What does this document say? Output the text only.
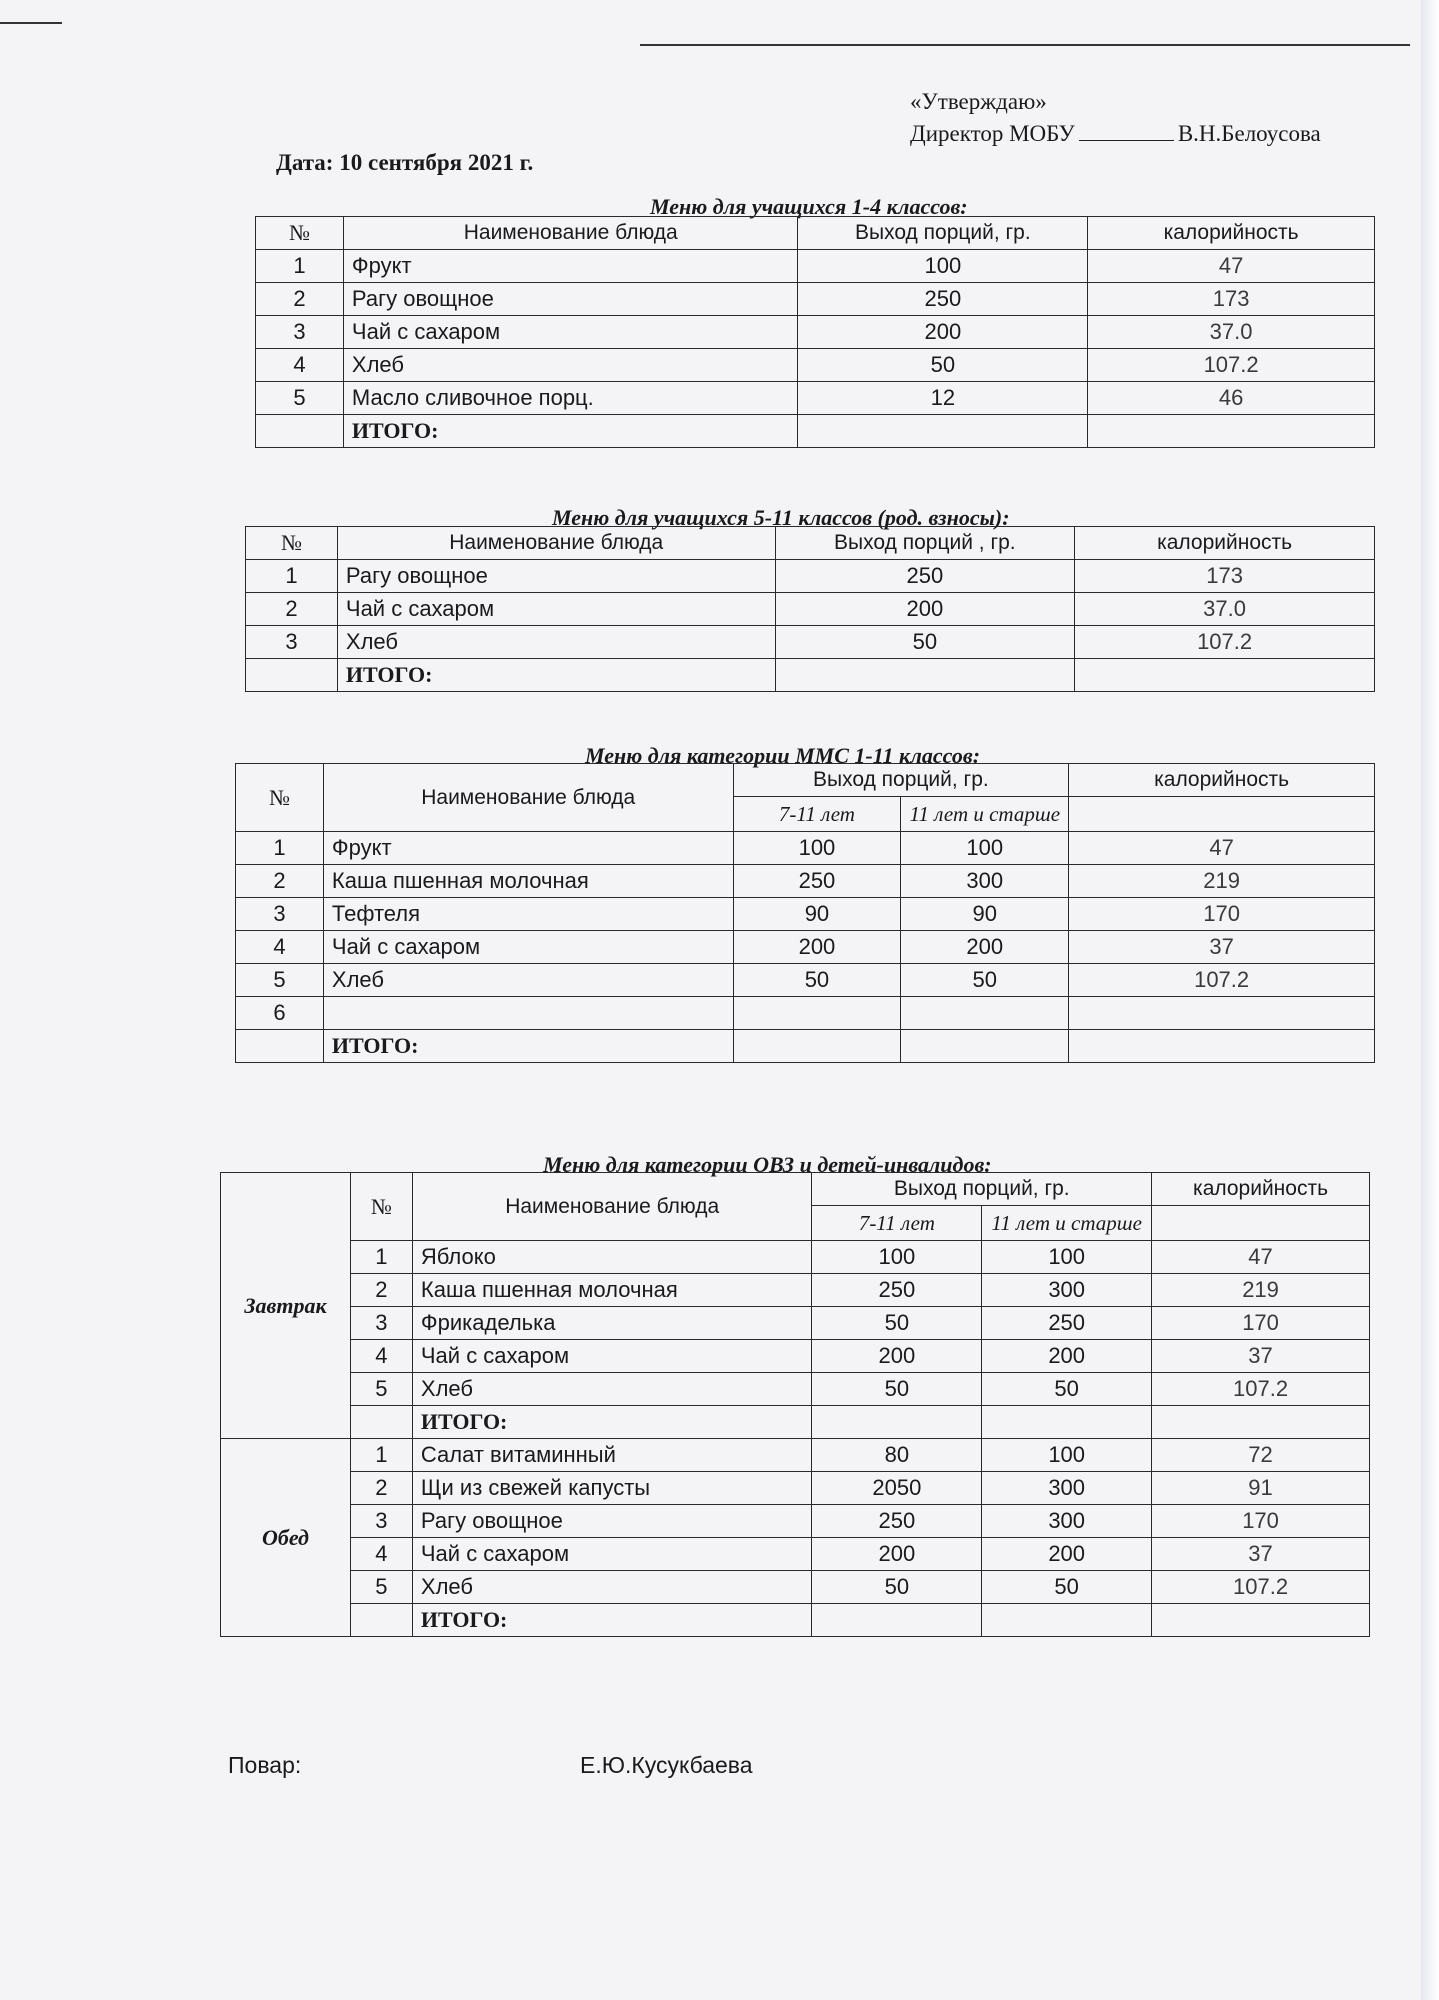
«Утверждаю»
Директор МОБУ	В.Н.Белоусова
Дата: 10 сентября 2021 г.
Меню для учащихся 1-4 классов:
№	Наименование блюда	Выход порций, гр.	калорийность
1	Фрукт	100	47
2	Рагу овощное	250	173
3	Чай с сахаром	200	37.0
4	Хлеб	50	107.2
5	Масло сливочное порц.	12	46
	ИТОГО:		
Меню для учащихся 5-11 классов (род. взносы):
№	Наименование блюда	Выход порций , гр.	калорийность
1	Рагу овощное	250	173
2	Чай с сахаром	200	37.0
3	Хлеб	50	107.2
	ИТОГО:		
Меню для категории ММС 1-11 классов:
№	Наименование блюда	Выход порций, гр.		калорийность
		7-11 лет	11 лет и старше	
1	Фрукт	100	100	47
2	Каша пшенная молочная	250	300	219
3	Тефтеля	90	90	170
4	Чай с сахаром	200	200	37
5	Хлеб	50	50	107.2
6				
	ИТОГО:			
Меню для категории ОВЗ и детей-инвалидов:
Завтрак	№	Наименование блюда	Выход порций, гр.		калорийность
			7-11 лет	11 лет и старше	
	1	Яблоко	100	100	47
	2	Каша пшенная молочная	250	300	219
	3	Фрикаделька	50	250	170
	4	Чай с сахаром	200	200	37
	5	Хлеб	50	50	107.2
		ИТОГО:			
Обед	1	Салат витаминный	80	100	72
	2	Щи из свежей капусты	2050	300	91
	3	Рагу овощное	250	300	170
	4	Чай с сахаром	200	200	37
	5	Хлеб	50	50	107.2
		ИТОГО:			
Повар:	Е.Ю.Кусукбаева
